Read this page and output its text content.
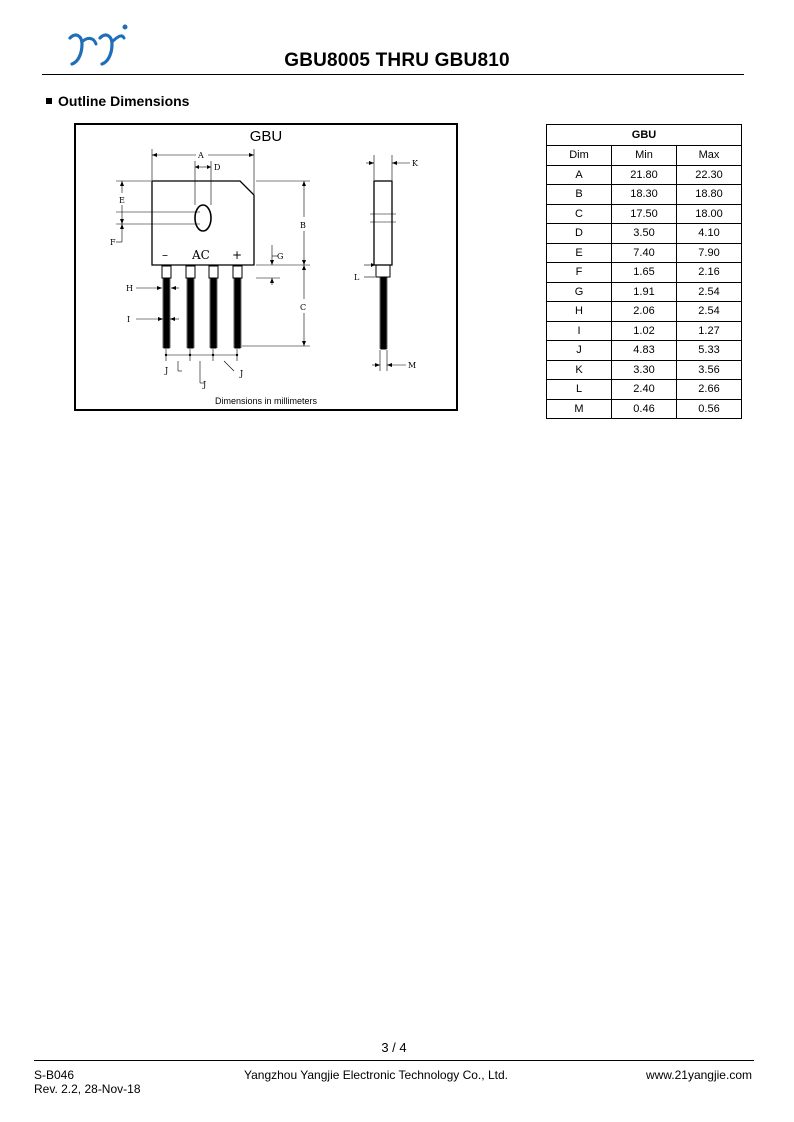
GBU8005 THRU GBU810
Outline Dimensions
GBU
A
D
B
C
E
F
G
H
I
J
J
J
K
L
M
– AC +
Dimensions in millimeters
GBU		
Dim	Min	Max
A	21.80	22.30
B	18.30	18.80
C	17.50	18.00
D	3.50	4.10
E	7.40	7.90
F	1.65	2.16
G	1.91	2.54
H	2.06	2.54
I	1.02	1.27
J	4.83	5.33
K	3.30	3.56
L	2.40	2.66
M	0.46	0.56
3 / 4
S-B046
Rev. 2.2, 28-Nov-18
Yangzhou Yangjie Electronic Technology Co., Ltd.	www.21yangjie.com
